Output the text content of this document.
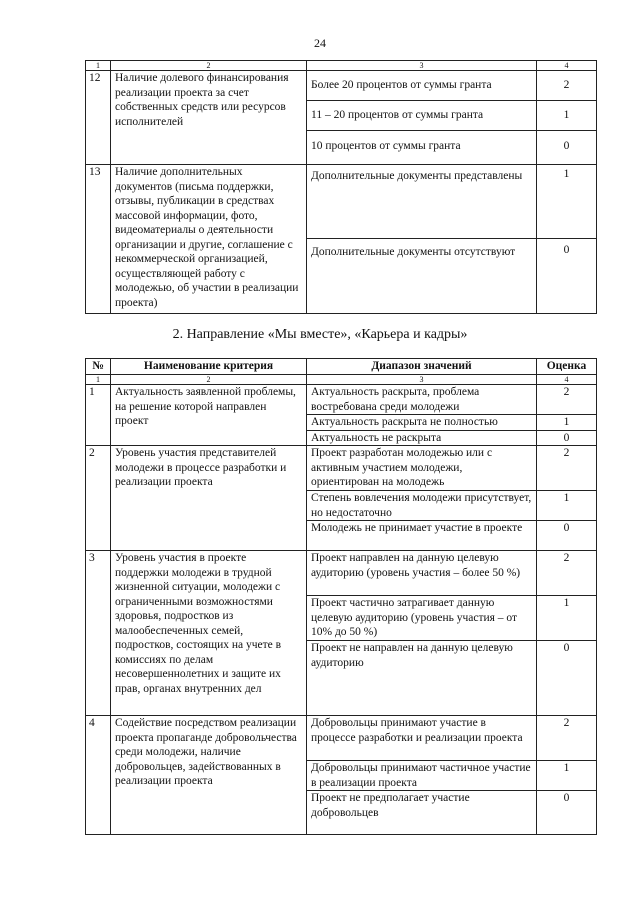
24
1	2	3	4
12	Наличие долевого финансирования реализации проекта за счет собственных средств или ресурсов исполнителей	Более 20 процентов от суммы гранта	2
		11 – 20 процентов от суммы гранта	1
		10 процентов от суммы гранта	0
13	Наличие дополнительных документов (письма поддержки, отзывы, публикации в средствах массовой информации, фото, видеоматериалы о деятельности организации и другие, соглашение с некоммерческой организацией, осуществляющей работу с молодежью, об участии в реализации проекта)	Дополнительные документы представлены	1
		Дополнительные документы отсутствуют	0
2. Направление «Мы вместе», «Карьера и кадры»
№	Наименование критерия	Диапазон значений	Оценка
1	2	3	4
1	Актуальность заявленной проблемы, на решение которой направлен проект	Актуальность раскрыта, проблема востребована среди молодежи	2
		Актуальность раскрыта не полностью	1
		Актуальность не раскрыта	0
2	Уровень участия представителей молодежи в процессе разработки и реализации проекта	Проект разработан молодежью или с активным участием молодежи, ориентирован на молодежь	2
		Степень вовлечения молодежи присутствует, но недостаточно	1
		Молодежь не принимает участие в проекте	0
3	Уровень участия в проекте поддержки молодежи в трудной жизненной ситуации, молодежи с ограниченными возможностями здоровья, подростков из малообеспеченных семей, подростков, состоящих на учете в комиссиях по делам несовершеннолетних и защите их прав, органах внутренних дел	Проект направлен на данную целевую аудиторию (уровень участия – более 50 %)	2
		Проект частично затрагивает данную целевую аудиторию (уровень участия – от 10% до 50 %)	1
		Проект не направлен на данную целевую аудиторию	0
4	Содействие посредством реализации проекта пропаганде добровольчества среди молодежи, наличие добровольцев, задействованных в реализации проекта	Добровольцы принимают участие в процессе разработки и реализации проекта	2
		Добровольцы принимают частичное участие в реализации проекта	1
		Проект не предполагает участие добровольцев	0
